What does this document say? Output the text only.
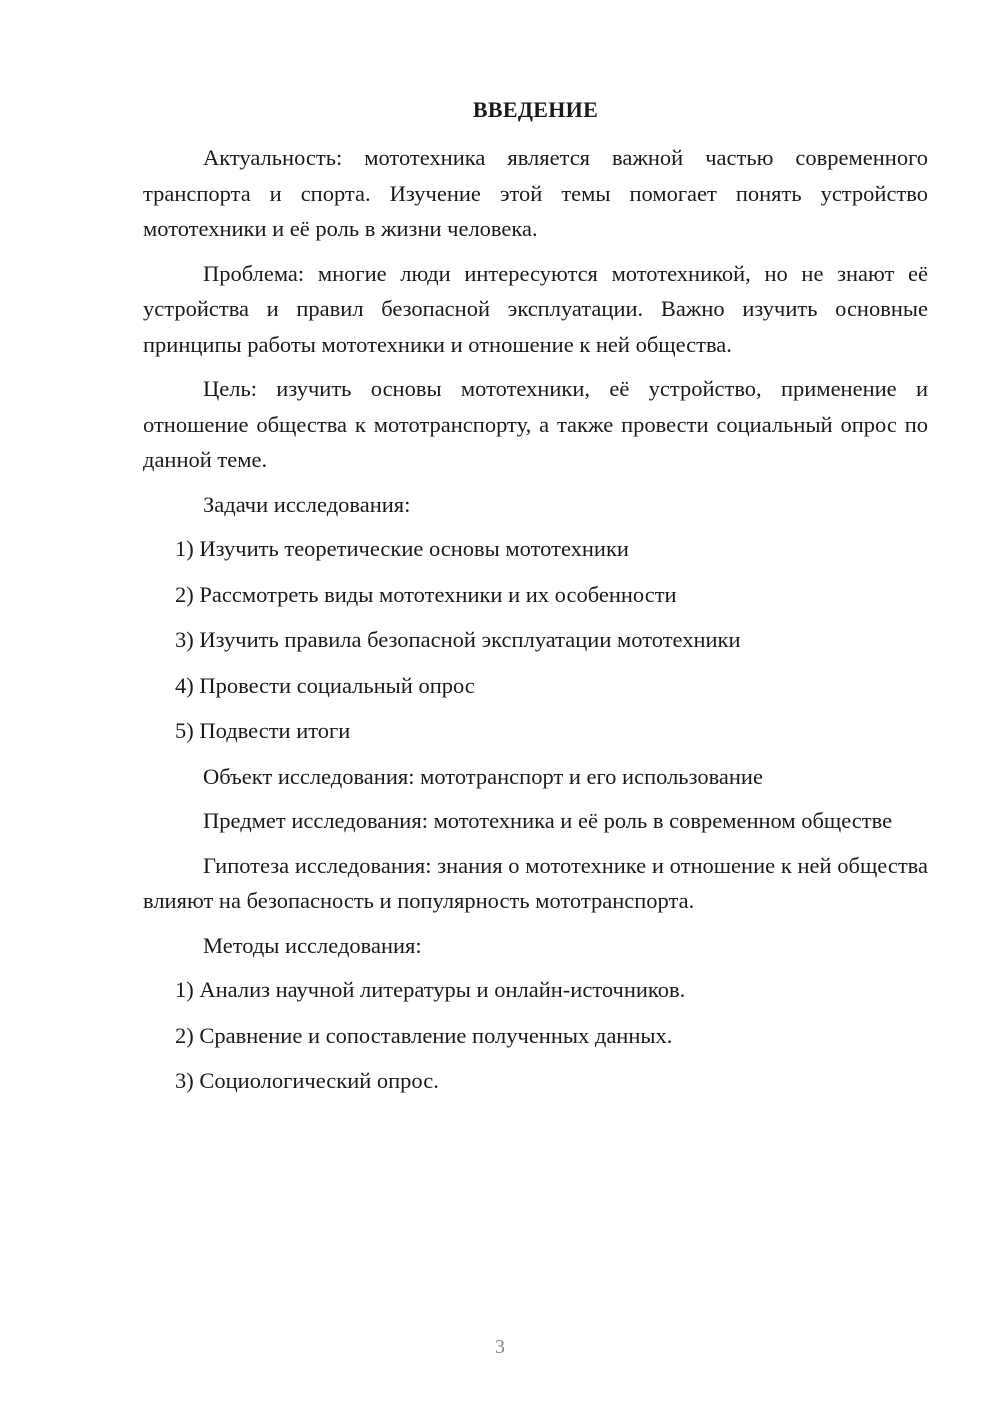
ВВЕДЕНИЕ

Актуальность: мототехника является важной частью современного транспорта и спорта. Изучение этой темы помогает понять устройство мототехники и её роль в жизни человека.

Проблема: многие люди интересуются мототехникой, но не знают её устройства и правил безопасной эксплуатации. Важно изучить основные принципы работы мототехники и отношение к ней общества.

Цель: изучить основы мототехники, её устройство, применение и отношение общества к мототранспорту, а также провести социальный опрос по данной теме.

Задачи исследования:

1) Изучить теоретические основы мототехники

2) Рассмотреть виды мототехники и их особенности

3) Изучить правила безопасной эксплуатации мототехники

4) Провести социальный опрос

5) Подвести итоги

Объект исследования: мототранспорт и его использование

Предмет исследования: мототехника и её роль в современном обществе

Гипотеза исследования: знания о мототехнике и отношение к ней общества влияют на безопасность и популярность мототранспорта.

Методы исследования:

1) Анализ научной литературы и онлайн-источников.

2) Сравнение и сопоставление полученных данных.

3) Социологический опрос.

3
